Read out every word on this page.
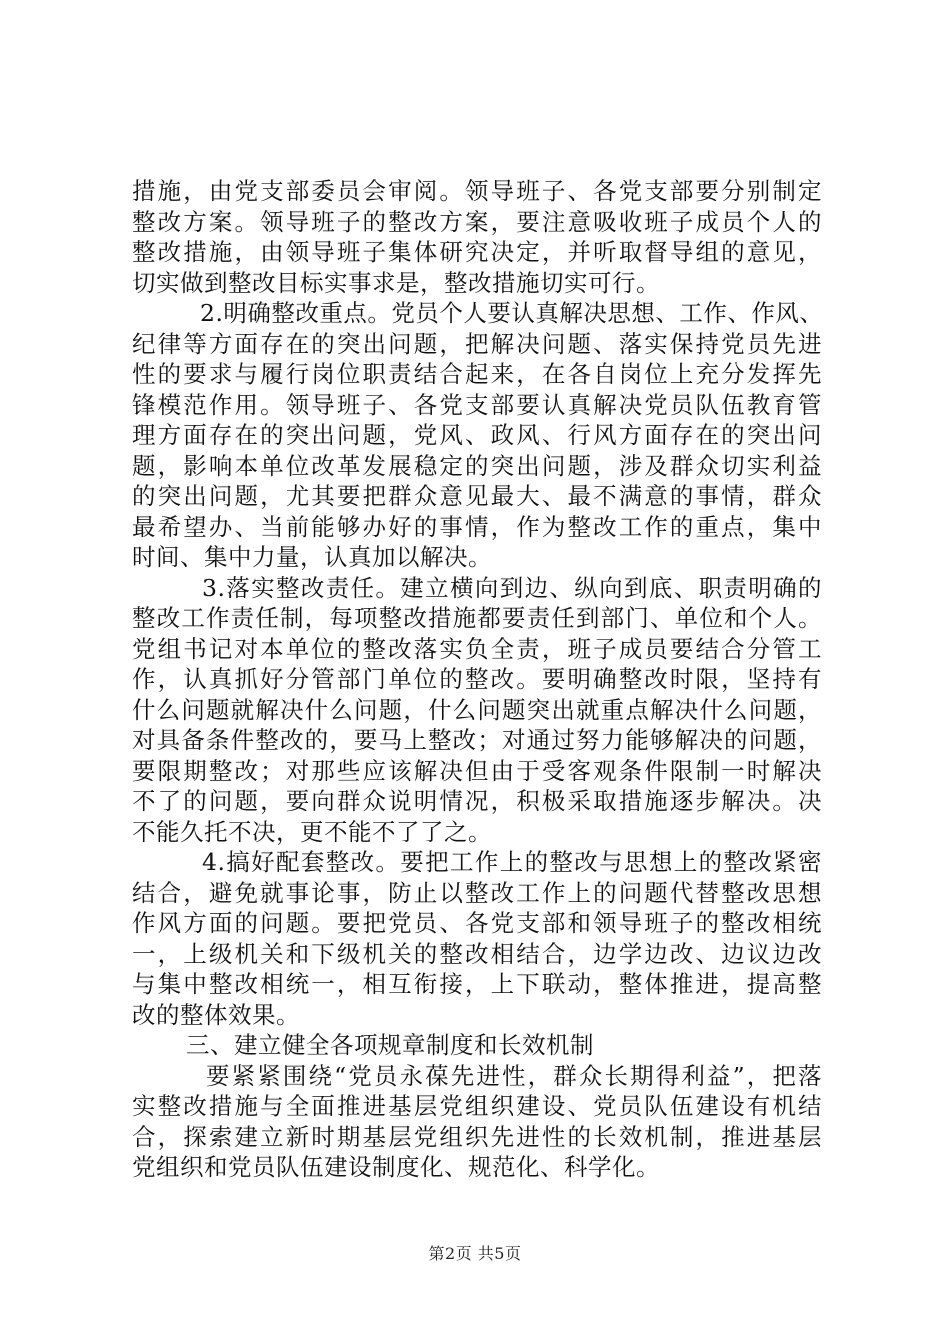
措施，由党支部委员会审阅。领导班子、各党支部要分别制定
整改方案。领导班子的整改方案，要注意吸收班子成员个人的
整改措施，由领导班子集体研究决定，并听取督导组的意见，
切实做到整改目标实事求是，整改措施切实可行。
2.明确整改重点。党员个人要认真解决思想、工作、作风、
纪律等方面存在的突出问题，把解决问题、落实保持党员先进
性的要求与履行岗位职责结合起来，在各自岗位上充分发挥先
锋模范作用。领导班子、各党支部要认真解决党员队伍教育管
理方面存在的突出问题，党风、政风、行风方面存在的突出问
题，影响本单位改革发展稳定的突出问题，涉及群众切实利益
的突出问题，尤其要把群众意见最大、最不满意的事情，群众
最希望办、当前能够办好的事情，作为整改工作的重点，集中
时间、集中力量，认真加以解决。
3.落实整改责任。建立横向到边、纵向到底、职责明确的
整改工作责任制，每项整改措施都要责任到部门、单位和个人。
党组书记对本单位的整改落实负全责，班子成员要结合分管工
作，认真抓好分管部门单位的整改。要明确整改时限，坚持有
什么问题就解决什么问题，什么问题突出就重点解决什么问题，
对具备条件整改的，要马上整改；对通过努力能够解决的问题，
要限期整改；对那些应该解决但由于受客观条件限制一时解决
不了的问题，要向群众说明情况，积极采取措施逐步解决。决
不能久托不决，更不能不了了之。
4.搞好配套整改。要把工作上的整改与思想上的整改紧密
结合，避免就事论事，防止以整改工作上的问题代替整改思想
作风方面的问题。要把党员、各党支部和领导班子的整改相统
一，上级机关和下级机关的整改相结合，边学边改、边议边改
与集中整改相统一，相互衔接，上下联动，整体推进，提高整
改的整体效果。
三、建立健全各项规章制度和长效机制
要紧紧围绕“党员永葆先进性，群众长期得利益”，把落
实整改措施与全面推进基层党组织建设、党员队伍建设有机结
合，探索建立新时期基层党组织先进性的长效机制，推进基层
党组织和党员队伍建设制度化、规范化、科学化。
第2页 共5页
